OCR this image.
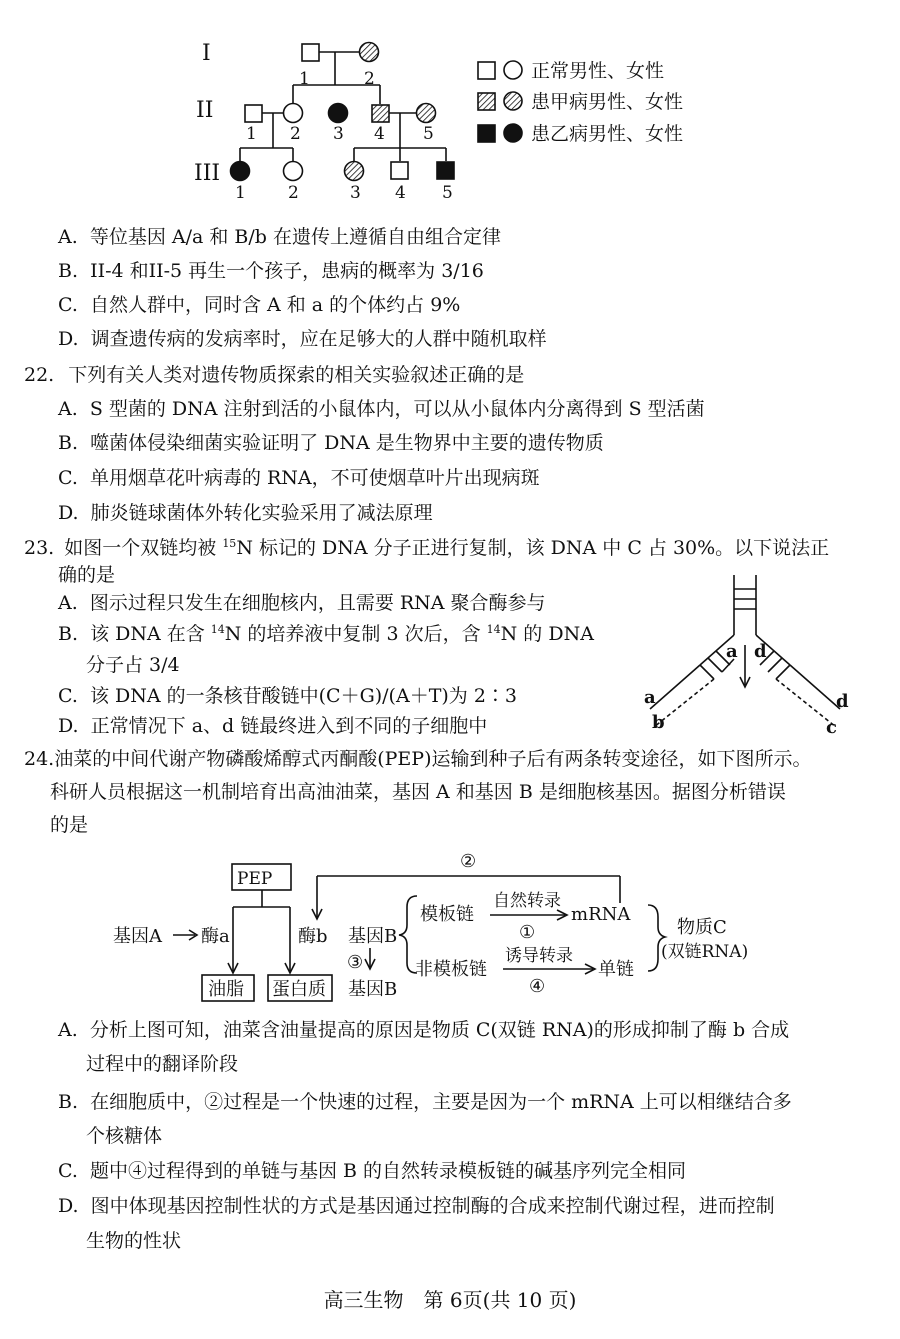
I
II
III
1	2
1 2 3 4 5
1 2	3 4 5
正常男性、女性
患甲病男性、女性
患乙病男性、女性
A. 等位基因 A/a 和 B/b 在遗传上遵循自由组合定律
B. II-4 和II-5 再生一个孩子，患病的概率为 3/16
C. 自然人群中，同时含 A 和 a 的个体约占 9%
D. 调查遗传病的发病率时，应在足够大的人群中随机取样
22. 下列有关人类对遗传物质探索的相关实验叙述正确的是
A. S 型菌的 DNA 注射到活的小鼠体内，可以从小鼠体内分离得到 S 型活菌
B. 噬菌体侵染细菌实验证明了 DNA 是生物界中主要的遗传物质
C. 单用烟草花叶病毒的 RNA，不可使烟草叶片出现病斑
D. 肺炎链球菌体外转化实验采用了减法原理
23. 如图一个双链均被 $^{15}$N 标记的 DNA 分子正进行复制，该 DNA 中 C 占 30%。以下说法正
确的是
A. 图示过程只发生在细胞核内，且需要 RNA 聚合酶参与
B. 该 DNA 在含 $^{14}$N 的培养液中复制 3 次后，含 $^{14}$N 的 DNA
分子占 3/4
C. 该 DNA 的一条核苷酸链中(C＋G)/(A＋T)为 2∶3
D. 正常情况下 a、d 链最终进入到不同的子细胞中
a d
a
b
d
c
24.油菜的中间代谢产物磷酸烯醇式丙酮酸(PEP)运输到种子后有两条转变途径，如下图所示。
科研人员根据这一机制培育出高油油菜，基因 A 和基因 B 是细胞核基因。据图分析错误
的是
PEP
基因A 酶a
油脂 蛋白质
酶b 基因B
③
基因B
②
模板链
自然转录
①
mRNA
非模板链
诱导转录
④
单链
物质C
(双链RNA)
A. 分析上图可知，油菜含油量提高的原因是物质 C(双链 RNA)的形成抑制了酶 b 合成
过程中的翻译阶段
B. 在细胞质中，②过程是一个快速的过程，主要是因为一个 mRNA 上可以相继结合多
个核糖体
C. 题中④过程得到的单链与基因 B 的自然转录模板链的碱基序列完全相同
D. 图中体现基因控制性状的方式是基因通过控制酶的合成来控制代谢过程，进而控制
生物的性状
高三生物　第 6页(共 10 页)
